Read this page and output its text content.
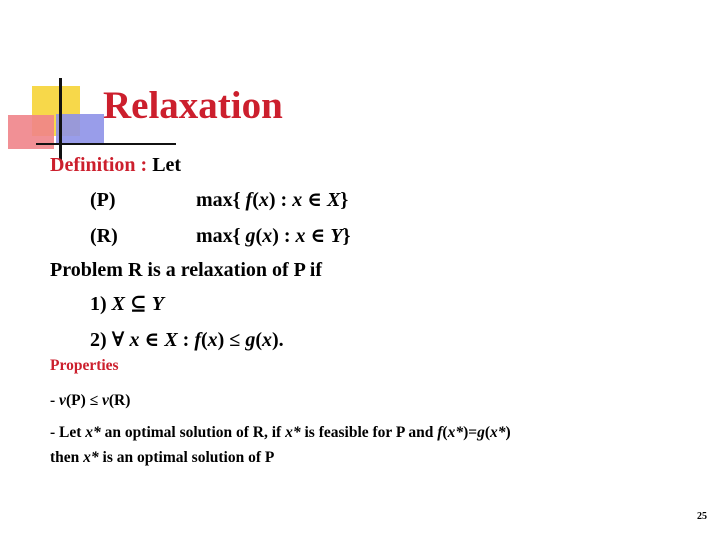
Relaxation
Definition : Let
(P)	max{ f(x) : x ∈ X}
(R)	max{ g(x) : x ∈ Y}
Problem R is a relaxation of P if
1) X ⊆ Y
2) ∀ x ∈ X : f(x) ≤ g(x).
Properties
- v(P) ≤ v(R)
- Let x* an optimal solution of R, if x* is feasible for P and f(x*)=g(x*)
then x* is an optimal solution of P
25
